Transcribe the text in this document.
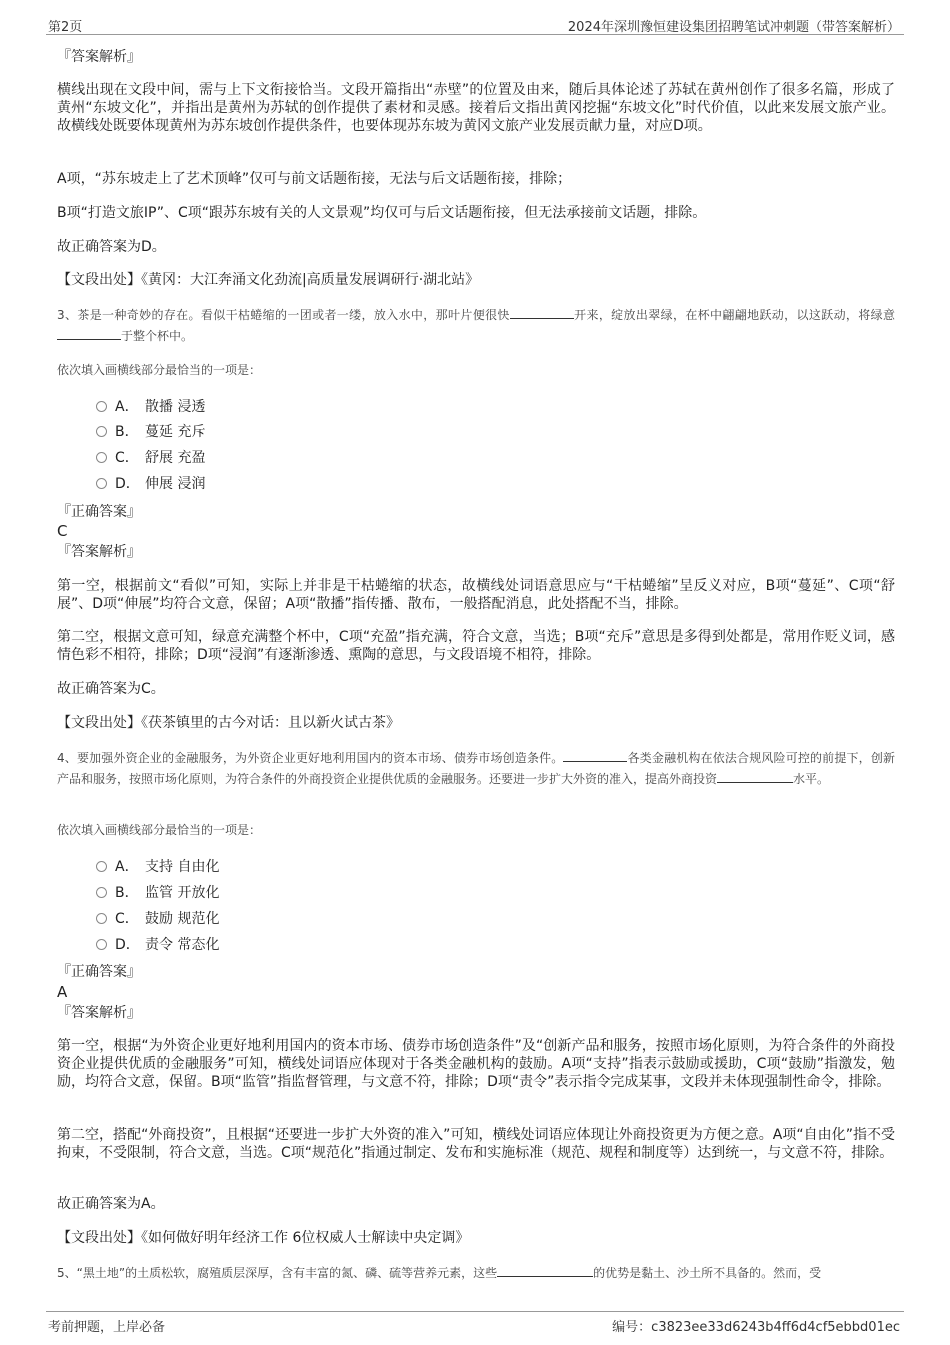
第2页	2024年深圳豫恒建设集团招聘笔试冲刺题（带答案解析）
『答案解析』

横线出现在文段中间，需与上下文衔接恰当。文段开篇指出“赤壁”的位置及由来，随后具体论述了苏轼在黄州创作了很多名篇，形成了黄州“东坡文化”，并指出是黄州为苏轼的创作提供了素材和灵感。接着后文指出黄冈挖掘“东坡文化”时代价值，以此来发展文旅产业。故横线处既要体现黄州为苏东坡创作提供条件，也要体现苏东坡为黄冈文旅产业发展贡献力量，对应D项。

A项，“苏东坡走上了艺术顶峰”仅可与前文话题衔接，无法与后文话题衔接，排除；

B项“打造文旅IP”、C项“跟苏东坡有关的人文景观”均仅可与后文话题衔接，但无法承接前文话题，排除。

故正确答案为D。

【文段出处】《黄冈：大江奔涌文化劲流|高质量发展调研行·湖北站》

3、茶是一种奇妙的存在。看似干枯蜷缩的一团或者一缕，放入水中，那叶片便很快	开来，绽放出翠绿，在杯中翩翩地跃动，以这跃动，将绿意于整个杯中。

依次填入画横线部分最恰当的一项是：
A． 散播 浸透
B． 蔓延 充斥
C． 舒展 充盈
D． 伸展 浸润
『正确答案』
C
『答案解析』

第一空，根据前文“看似”可知，实际上并非是干枯蜷缩的状态，故横线处词语意思应与“干枯蜷缩”呈反义对应，B项“蔓延”、C项“舒展”、D项“伸展”均符合文意，保留；A项“散播”指传播、散布，一般搭配消息，此处搭配不当，排除。

第二空，根据文意可知，绿意充满整个杯中，C项“充盈”指充满，符合文意，当选；B项“充斥”意思是多得到处都是，常用作贬义词，感情色彩不相符，排除；D项“浸润”有逐渐渗透、熏陶的意思，与文段语境不相符，排除。

故正确答案为C。

【文段出处】《茯茶镇里的古今对话：且以新火试古茶》

4、要加强外资企业的金融服务，为外资企业更好地利用国内的资本市场、债券市场创造条件。	各类金融机构在依法合规风险可控的前提下，创新产品和服务，按照市场化原则，为符合条件的外商投资企业提供优质的金融服务。还要进一步扩大外资的准入，提高外商投资	水平。

依次填入画横线部分最恰当的一项是：
A． 支持 自由化
B． 监管 开放化
C． 鼓励 规范化
D． 责令 常态化
『正确答案』
A
『答案解析』

第一空，根据“为外资企业更好地利用国内的资本市场、债券市场创造条件”及“创新产品和服务，按照市场化原则，为符合条件的外商投资企业提供优质的金融服务”可知，横线处词语应体现对于各类金融机构的鼓励。A项“支持”指表示鼓励或援助，C项“鼓励”指激发，勉励，均符合文意，保留。B项“监管”指监督管理，与文意不符，排除；D项“责令”表示指令完成某事，文段并未体现强制性命令，排除。

第二空，搭配“外商投资”，且根据“还要进一步扩大外资的准入”可知，横线处词语应体现让外商投资更为方便之意。A项“自由化”指不受拘束，不受限制，符合文意，当选。C项“规范化”指通过制定、发布和实施标准（规范、规程和制度等）达到统一，与文意不符，排除。

故正确答案为A。

【文段出处】《如何做好明年经济工作 6位权威人士解读中央定调》

5、“黑土地”的土质松软，腐殖质层深厚，含有丰富的氮、磷、硫等营养元素，这些	的优势是黏土、沙土所不具备的。然而，受

考前押题，上岸必备	编号：c3823ee33d6243b4ff6d4cf5ebbd01ec
